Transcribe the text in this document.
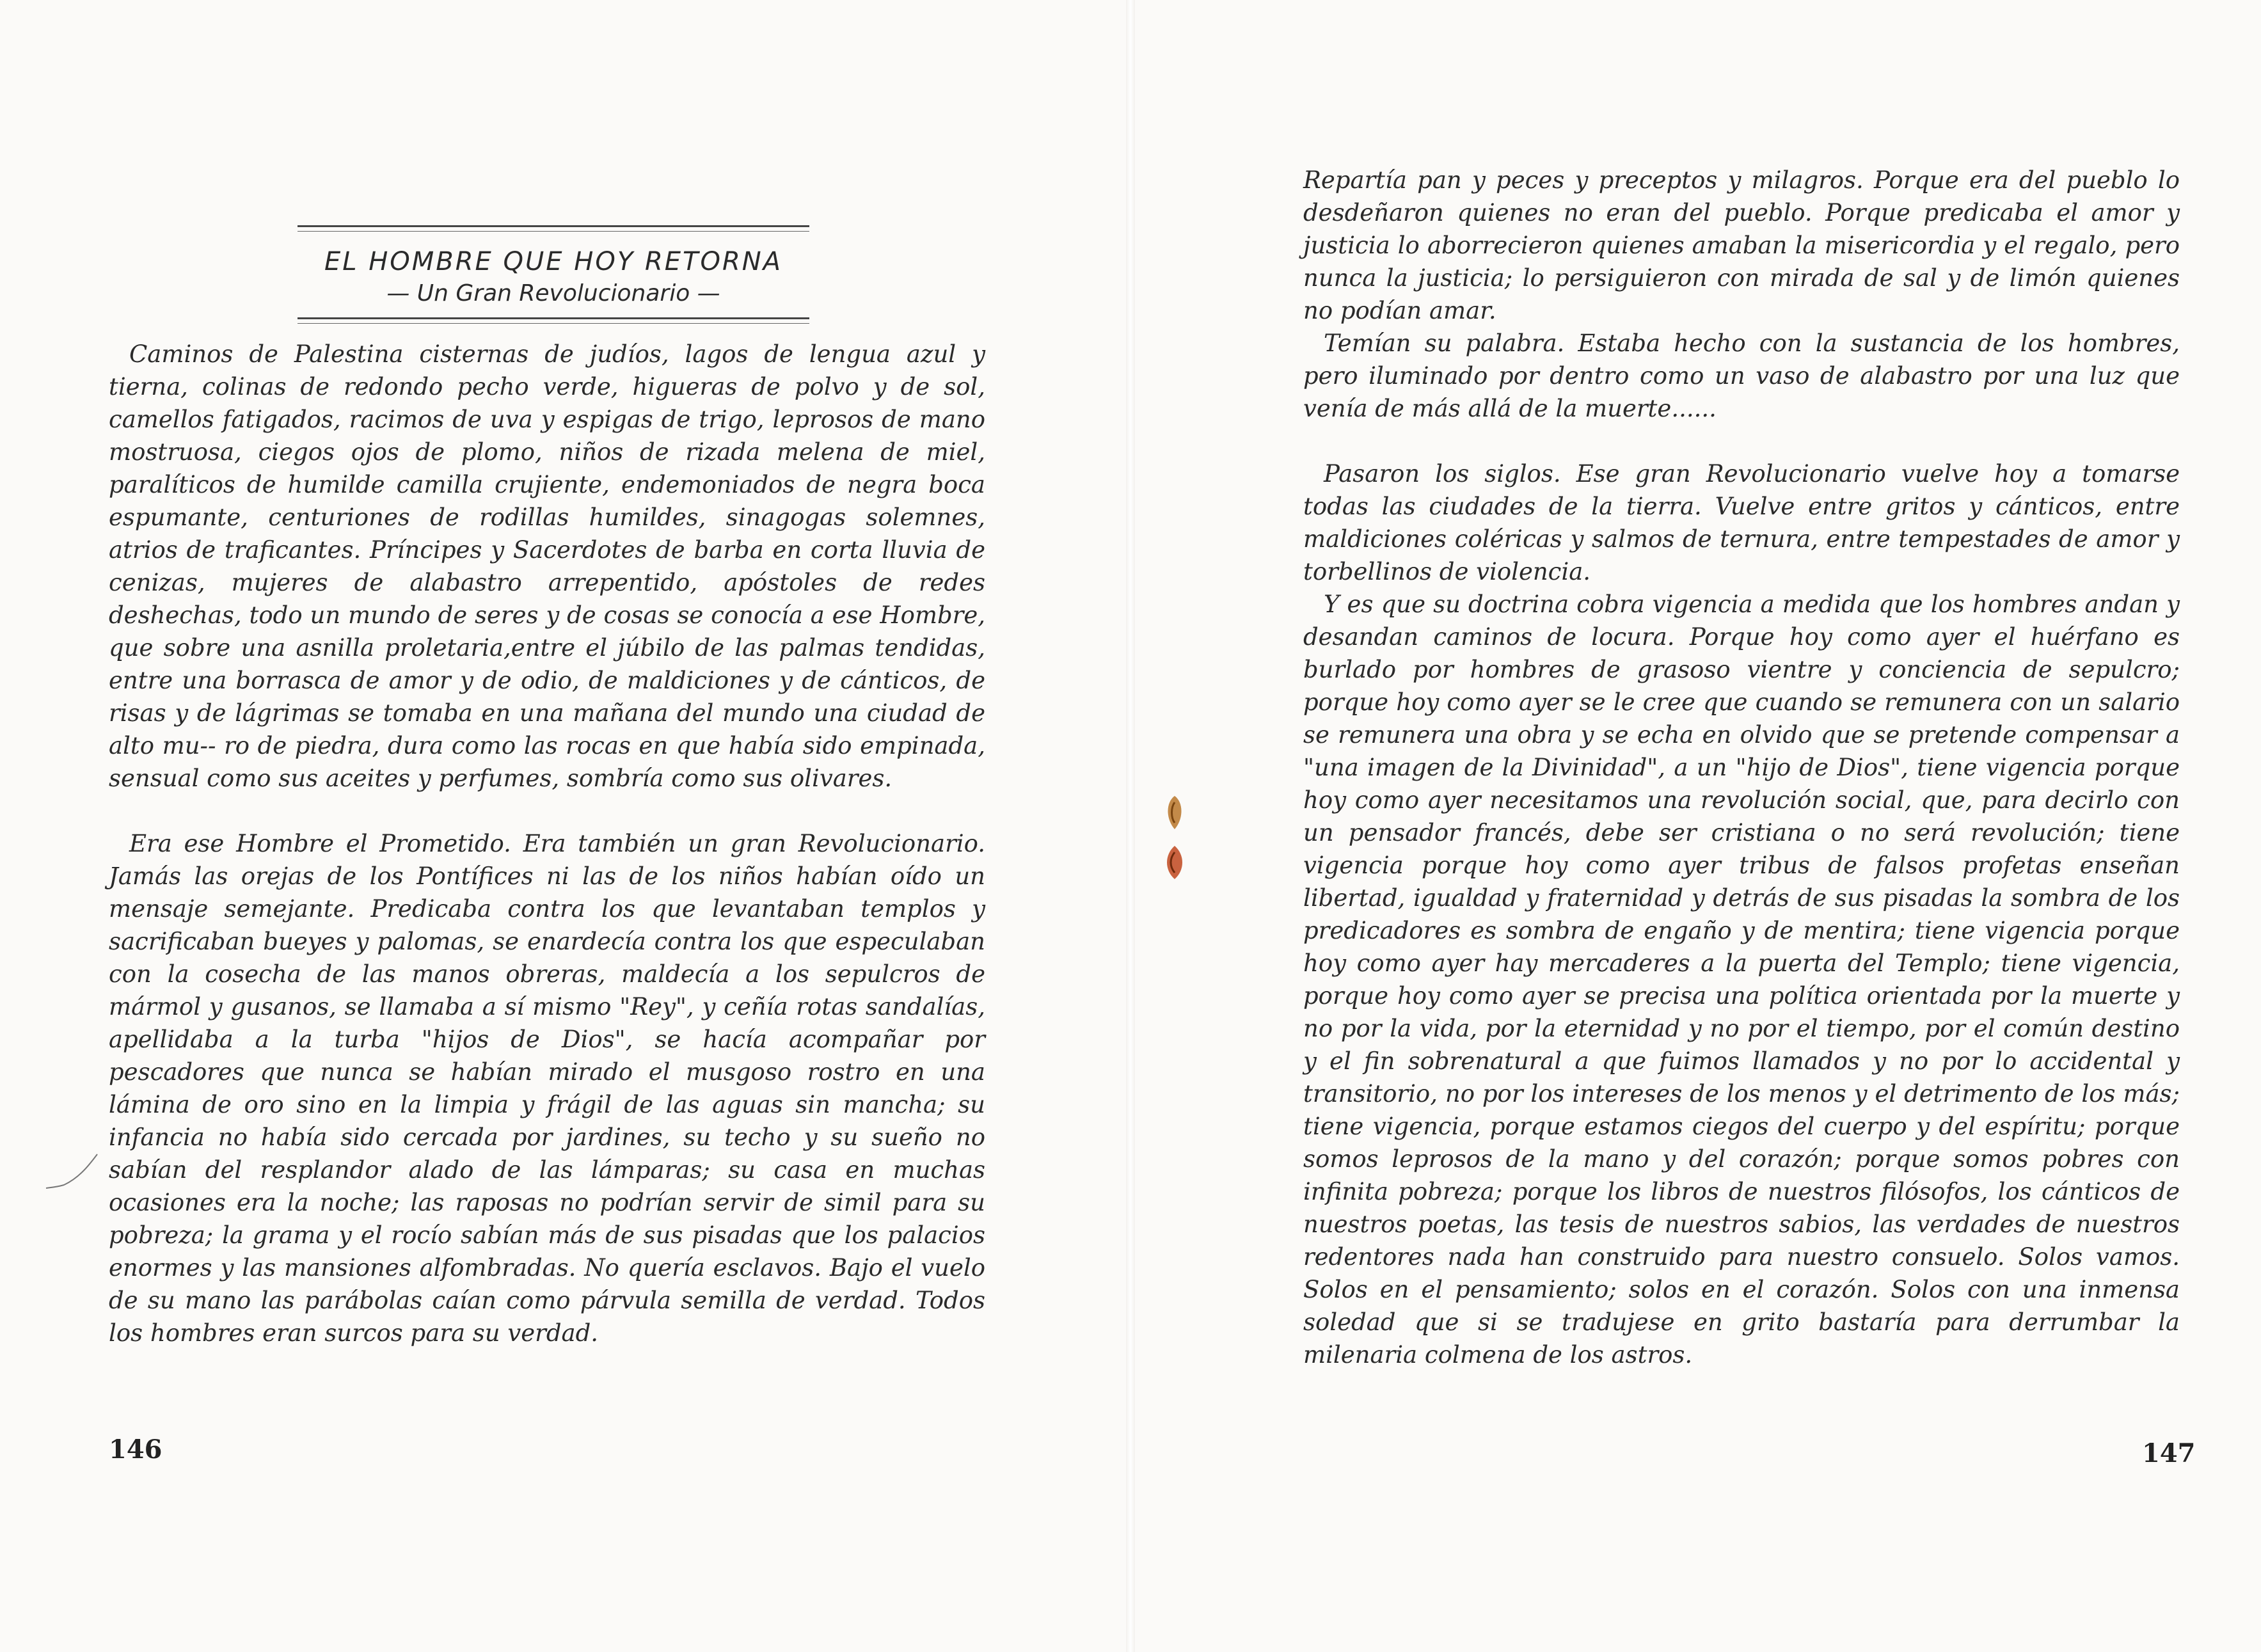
EL HOMBRE QUE HOY RETORNA
— Un Gran Revolucionario —

Caminos de Palestina cisternas de judíos, lagos de lengua azul y tierna, colinas de redondo pecho verde, higueras de polvo y de sol, camellos fatigados, racimos de uva y espigas de trigo, leprosos de mano mostruosa, ciegos ojos de plomo, niños de rizada melena de miel, paralíticos de humilde camilla crujiente, endemoniados de negra boca espumante, centuriones de rodillas humildes, sinagogas solemnes, atrios de traficantes. Príncipes y Sacerdotes de barba en corta lluvia de cenizas, mujeres de alabastro arrepentido, apóstoles de redes deshechas, todo un mundo de seres y de cosas se conocía a ese Hombre, que sobre una asnilla proletaria,entre el júbilo de las palmas tendidas, entre una borrasca de amor y de odio, de maldiciones y de cánticos, de risas y de lágrimas se tomaba en una mañana del mundo una ciudad de alto mu-- ro de piedra, dura como las rocas en que había sido empinada, sensual como sus aceites y perfumes, sombría como sus olivares.

Era ese Hombre el Prometido. Era también un gran Revolucionario. Jamás las orejas de los Pontífices ni las de los niños habían oído un mensaje semejante. Predicaba contra los que levantaban templos y sacrificaban bueyes y palomas, se enardecía contra los que especulaban con la cosecha de las manos obreras, maldecía a los sepulcros de mármol y gusanos, se llamaba a sí mismo "Rey", y ceñía rotas sandalías, apellidaba a la turba "hijos de Dios", se hacía acompañar por pescadores que nunca se habían mirado el musgoso rostro en una lámina de oro sino en la limpia y frágil de las aguas sin mancha; su infancia no había sido cercada por jardines, su techo y su sueño no sabían del resplandor alado de las lámparas; su casa en muchas ocasiones era la noche; las raposas no podrían servir de simil para su pobreza; la grama y el rocío sabían más de sus pisadas que los palacios enormes y las mansiones alfombradas. No quería esclavos. Bajo el vuelo de su mano las parábolas caían como párvula semilla de verdad. Todos los hombres eran surcos para su verdad.

146

Repartía pan y peces y preceptos y milagros. Porque era del pueblo lo desdeñaron quienes no eran del pueblo. Porque predicaba el amor y justicia lo aborrecieron quienes amaban la misericordia y el regalo, pero nunca la justicia; lo persiguieron con mirada de sal y de limón quienes no podían amar.

Temían su palabra. Estaba hecho con la sustancia de los hombres, pero iluminado por dentro como un vaso de alabastro por una luz que venía de más allá de la muerte......

Pasaron los siglos. Ese gran Revolucionario vuelve hoy a tomarse todas las ciudades de la tierra. Vuelve entre gritos y cánticos, entre maldiciones coléricas y salmos de ternura, entre tempestades de amor y torbellinos de violencia.

Y es que su doctrina cobra vigencia a medida que los hombres andan y desandan caminos de locura. Porque hoy como ayer el huérfano es burlado por hombres de grasoso vientre y conciencia de sepulcro; porque hoy como ayer se le cree que cuando se remunera con un salario se remunera una obra y se echa en olvido que se pretende compensar a "una imagen de la Divinidad", a un "hijo de Dios", tiene vigencia porque hoy como ayer necesitamos una revolución social, que, para decirlo con un pensador francés, debe ser cristiana o no será revolución; tiene vigencia porque hoy como ayer tribus de falsos profetas enseñan libertad, igualdad y fraternidad y detrás de sus pisadas la sombra de los predicadores es sombra de engaño y de mentira; tiene vigencia porque hoy como ayer hay mercaderes a la puerta del Templo; tiene vigencia, porque hoy como ayer se precisa una política orientada por la muerte y no por la vida, por la eternidad y no por el tiempo, por el común destino y el fin sobrenatural a que fuimos llamados y no por lo accidental y transitorio, no por los intereses de los menos y el detrimento de los más; tiene vigencia, porque estamos ciegos del cuerpo y del espíritu; porque somos leprosos de la mano y del corazón; porque somos pobres con infinita pobreza; porque los libros de nuestros filósofos, los cánticos de nuestros poetas, las tesis de nuestros sabios, las verdades de nuestros redentores nada han construido para nuestro consuelo. Solos vamos. Solos en el pensamiento; solos en el corazón. Solos con una inmensa soledad que si se tradujese en grito bastaría para derrumbar la milenaria colmena de los astros.

147
